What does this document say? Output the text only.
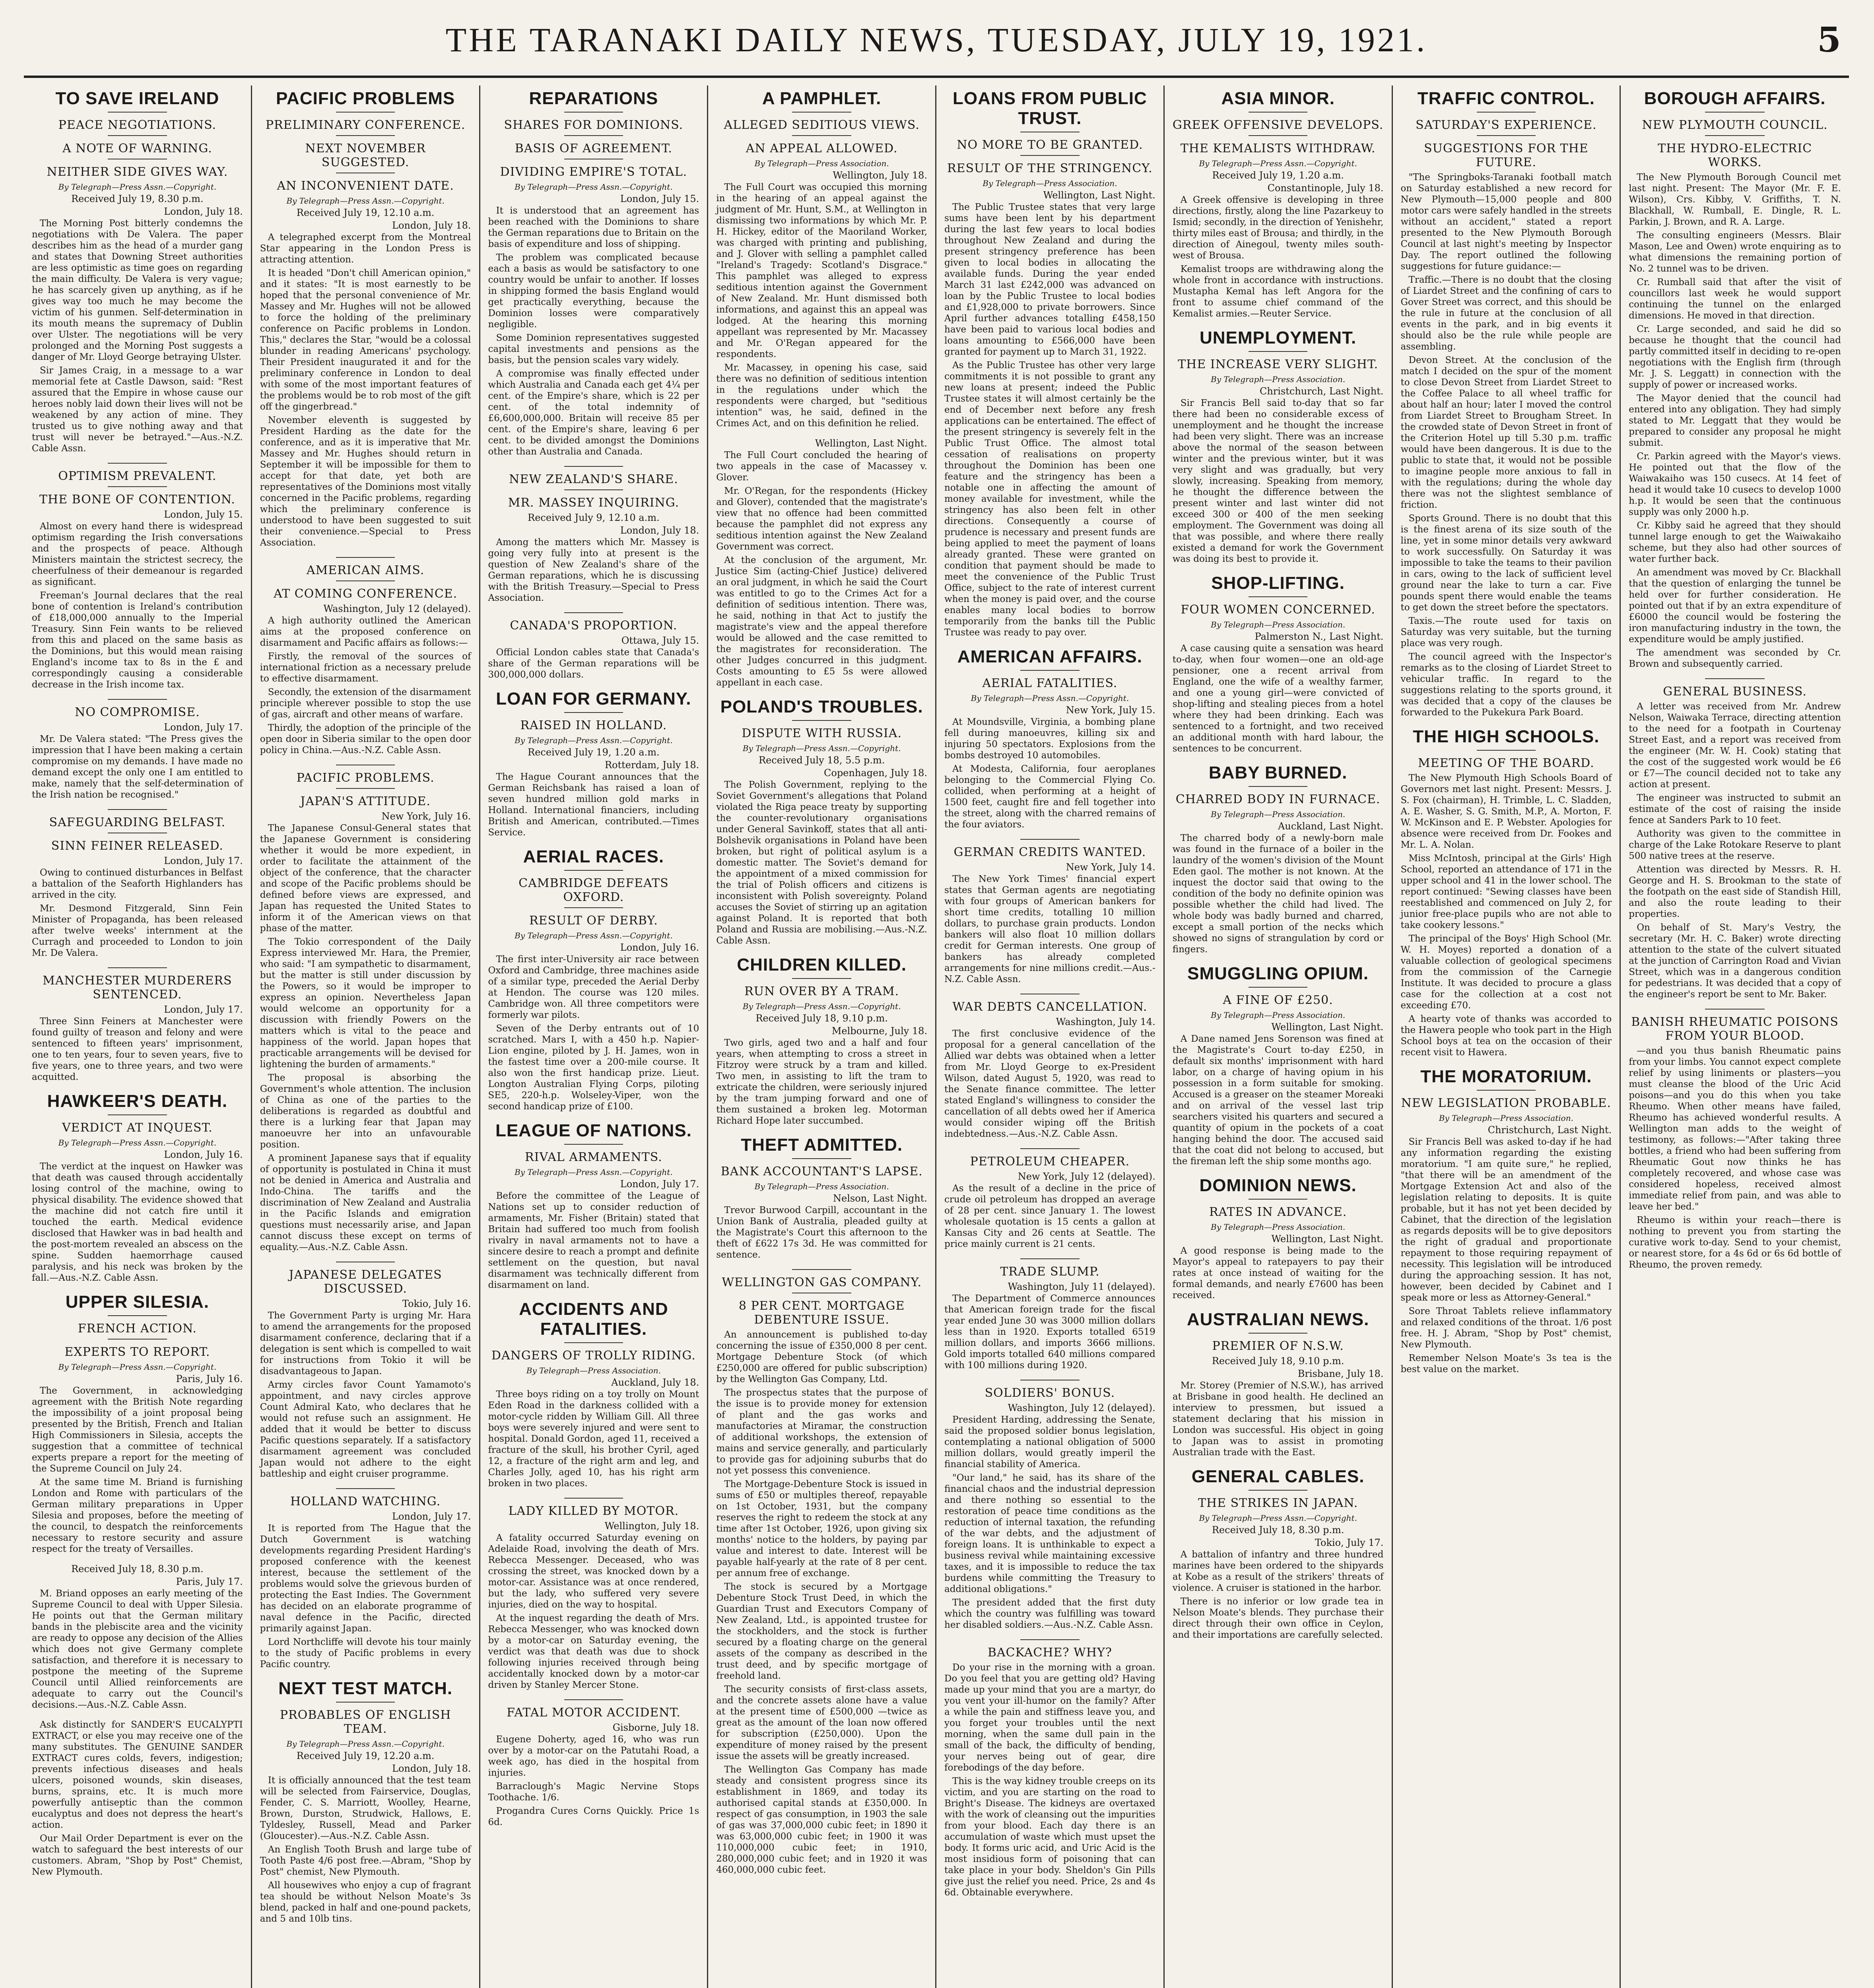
THE TARANAKI DAILY NEWS, TUESDAY, JULY 19, 1921.	5
TO SAVE IRELAND
PEACE NEGOTIATIONS.
A NOTE OF WARNING.
NEITHER SIDE GIVES WAY.
By Telegraph—Press Assn.—Copyright.
Received July 19, 8.30 p.m.
London, July 18.

The Morning Post bitterly condemns the negotiations with De Valera. The paper describes him as the head of a murder gang and states that Downing Street authorities are less optimistic as time goes on regarding the main difficulty. De Valera is very vague; he has scarcely given up anything, as if he gives way too much he may become the victim of his gunmen. Self-determination in its mouth means the supremacy of Dublin over Ulster. The negotiations will be very prolonged and the Morning Post suggests a danger of Mr. Lloyd George betraying Ulster.

Sir James Craig, in a message to a war memorial fete at Castle Dawson, said: "Rest assured that the Empire in whose cause our heroes nobly laid down their lives will not be weakened by any action of mine. They trusted us to give nothing away and that trust will never be betrayed."—Aus.-N.Z. Cable Assn.

OPTIMISM PREVALENT.
THE BONE OF CONTENTION.
London, July 15.

Almost on every hand there is widespread optimism regarding the Irish conversations and the prospects of peace. Although Ministers maintain the strictest secrecy, the cheerfulness of their demeanour is regarded as significant.

Freeman's Journal declares that the real bone of contention is Ireland's contribution of £18,000,000 annually to the Imperial Treasury. Sinn Fein wants to be relieved from this and placed on the same basis as the Dominions, but this would mean raising England's income tax to 8s in the £ and correspondingly causing a considerable decrease in the Irish income tax.

NO COMPROMISE.
London, July 17.

Mr. De Valera stated: "The Press gives the impression that I have been making a certain compromise on my demands. I have made no demand except the only one I am entitled to make, namely that the self-determination of the Irish nation be recognised."

SAFEGUARDING BELFAST.
SINN FEINER RELEASED.
London, July 17.

Owing to continued disturbances in Belfast a battalion of the Seaforth Highlanders has arrived in the city.

Mr. Desmond Fitzgerald, Sinn Fein Minister of Propaganda, has been released after twelve weeks' internment at the Curragh and proceeded to London to join Mr. De Valera.

MANCHESTER MURDERERS SENTENCED.
London, July 17.

Three Sinn Feiners at Manchester were found guilty of treason and felony and were sentenced to fifteen years' imprisonment, one to ten years, four to seven years, five to five years, one to three years, and two were acquitted.

HAWKEER'S DEATH.
VERDICT AT INQUEST.
By Telegraph—Press Assn.—Copyright.
London, July 16.

The verdict at the inquest on Hawker was that death was caused through accidentally losing control of the machine, owing to physical disability. The evidence showed that the machine did not catch fire until it touched the earth. Medical evidence disclosed that Hawker was in bad health and the post-mortem revealed an abscess on the spine. Sudden haemorrhage caused paralysis, and his neck was broken by the fall.—Aus.-N.Z. Cable Assn.

UPPER SILESIA.
FRENCH ACTION.
EXPERTS TO REPORT.
By Telegraph—Press Assn.—Copyright.
Paris, July 16.

The Government, in acknowledging agreement with the British Note regarding the impossibility of a joint proposal being presented by the British, French and Italian High Commissioners in Silesia, accepts the suggestion that a committee of technical experts prepare a report for the meeting of the Supreme Council on July 24.

At the same time M. Briand is furnishing London and Rome with particulars of the German military preparations in Upper Silesia and proposes, before the meeting of the council, to despatch the reinforcements necessary to restore security and assure respect for the treaty of Versailles.

Received July 18, 8.30 p.m.
Paris, July 17.

M. Briand opposes an early meeting of the Supreme Council to deal with Upper Silesia. He points out that the German military bands in the plebiscite area and the vicinity are ready to oppose any decision of the Allies which does not give Germany complete satisfaction, and therefore it is necessary to postpone the meeting of the Supreme Council until Allied reinforcements are adequate to carry out the Council's decisions.—Aus.-N.Z. Cable Assn.

Ask distinctly for SANDER'S EUCALYPTI EXTRACT, or else you may receive one of the many substitutes. The GENUINE SANDER EXTRACT cures colds, fevers, indigestion; prevents infectious diseases and heals ulcers, poisoned wounds, skin diseases, burns, sprains, etc. It is much more powerfully antiseptic than the common eucalyptus and does not depress the heart's action.

Our Mail Order Department is ever on the watch to safeguard the best interests of our customers. Abram, "Shop by Post" Chemist, New Plymouth.

PACIFIC PROBLEMS
PRELIMINARY CONFERENCE.
NEXT NOVEMBER SUGGESTED.
AN INCONVENIENT DATE.
By Telegraph—Press Assn.—Copyright.
Received July 19, 12.10 a.m.
London, July 18.

A telegraphed excerpt from the Montreal Star appearing in the London Press is attracting attention.

It is headed "Don't chill American opinion," and it states: "It is most earnestly to be hoped that the personal convenience of Mr. Massey and Mr. Hughes will not be allowed to force the holding of the preliminary conference on Pacific problems in London. This," declares the Star, "would be a colossal blunder in reading Americans' psychology. Their President inaugurated it and for the preliminary conference in London to deal with some of the most important features of the problems would be to rob most of the gift off the gingerbread."

November eleventh is suggested by President Harding as the date for the conference, and as it is imperative that Mr. Massey and Mr. Hughes should return in September it will be impossible for them to accept for that date, yet both are representatives of the Dominions most vitally concerned in the Pacific problems, regarding which the preliminary conference is understood to have been suggested to suit their convenience.—Special to Press Association.

AMERICAN AIMS.
AT COMING CONFERENCE.
Washington, July 12 (delayed).

A high authority outlined the American aims at the proposed conference on disarmament and Pacific affairs as follows:—

Firstly, the removal of the sources of international friction as a necessary prelude to effective disarmament.

Secondly, the extension of the disarmament principle wherever possible to stop the use of gas, aircraft and other means of warfare.

Thirdly, the adoption of the principle of the open door in Siberia similar to the open door policy in China.—Aus.-N.Z. Cable Assn.

PACIFIC PROBLEMS.
JAPAN'S ATTITUDE.
New York, July 16.

The Japanese Consul-General states that the Japanese Government is considering whether it would be more expedient, in order to facilitate the attainment of the object of the conference, that the character and scope of the Pacific problems should be defined before views are expressed, and Japan has requested the United States to inform it of the American views on that phase of the matter.

The Tokio correspondent of the Daily Express interviewed Mr. Hara, the Premier, who said: "I am sympathetic to disarmament, but the matter is still under discussion by the Powers, so it would be improper to express an opinion. Nevertheless Japan would welcome an opportunity for a discussion with friendly Powers on the matters which is vital to the peace and happiness of the world. Japan hopes that practicable arrangements will be devised for lightening the burden of armaments."

The proposal is absorbing the Government's whole attention. The inclusion of China as one of the parties to the deliberations is regarded as doubtful and there is a lurking fear that Japan may manoeuvre her into an unfavourable position.

A prominent Japanese says that if equality of opportunity is postulated in China it must not be denied in America and Australia and Indo-China. The tariffs and the discrimination of New Zealand and Australia in the Pacific Islands and emigration questions must necessarily arise, and Japan cannot discuss these except on terms of equality.—Aus.-N.Z. Cable Assn.

JAPANESE DELEGATES DISCUSSED.
Tokio, July 16.

The Government Party is urging Mr. Hara to amend the arrangements for the proposed disarmament conference, declaring that if a delegation is sent which is compelled to wait for instructions from Tokio it will be disadvantageous to Japan.

Army circles favor Count Yamamoto's appointment, and navy circles approve Count Admiral Kato, who declares that he would not refuse such an assignment. He added that it would be better to discuss Pacific questions separately. If a satisfactory disarmament agreement was concluded Japan would not adhere to the eight battleship and eight cruiser programme.

HOLLAND WATCHING.
London, July 17.

It is reported from The Hague that the Dutch Government is watching developments regarding President Harding's proposed conference with the keenest interest, because the settlement of the problems would solve the grievous burden of protecting the East Indies. The Government has decided on an elaborate programme of naval defence in the Pacific, directed primarily against Japan.

Lord Northcliffe will devote his tour mainly to the study of Pacific problems in every Pacific country.

NEXT TEST MATCH.
PROBABLES OF ENGLISH TEAM.
By Telegraph—Press Assn.—Copyright.
Received July 19, 12.20 a.m.
London, July 18.

It is officially announced that the test team will be selected from Fairservice, Douglas, Fender, C. S. Marriott, Woolley, Hearne, Brown, Durston, Strudwick, Hallows, E. Tyldesley, Russell, Mead and Parker (Gloucester).—Aus.-N.Z. Cable Assn.

An English Tooth Brush and large tube of Tooth Paste 4/6 post free.—Abram, "Shop by Post" chemist, New Plymouth.

All housewives who enjoy a cup of fragrant tea should be without Nelson Moate's 3s blend, packed in half and one-pound packets, and 5 and 10lb tins.

REPARATIONS
SHARES FOR DOMINIONS.
BASIS OF AGREEMENT.
DIVIDING EMPIRE'S TOTAL.
By Telegraph—Press Assn.—Copyright.
London, July 15.

It is understood that an agreement has been reached with the Dominions to share the German reparations due to Britain on the basis of expenditure and loss of shipping.

The problem was complicated because each a basis as would be satisfactory to one country would be unfair to another. If losses in shipping formed the basis England would get practically everything, because the Dominion losses were comparatively negligible.

Some Dominion representatives suggested capital investments and pensions as the basis, but the pension scales vary widely.

A compromise was finally effected under which Australia and Canada each get 4¼ per cent. of the Empire's share, which is 22 per cent. of the total indemnity of £6,600,000,000. Britain will receive 85 per cent. of the Empire's share, leaving 6 per cent. to be divided amongst the Dominions other than Australia and Canada.

NEW ZEALAND'S SHARE.
MR. MASSEY INQUIRING.
Received July 9, 12.10 a.m.
London, July 18.

Among the matters which Mr. Massey is going very fully into at present is the question of New Zealand's share of the German reparations, which he is discussing with the British Treasury.—Special to Press Association.

CANADA'S PROPORTION.
Ottawa, July 15.

Official London cables state that Canada's share of the German reparations will be 300,000,000 dollars.

LOAN FOR GERMANY.
RAISED IN HOLLAND.
By Telegraph—Press Assn.—Copyright.
Received July 19, 1.20 a.m.
Rotterdam, July 18.

The Hague Courant announces that the German Reichsbank has raised a loan of seven hundred million gold marks in Holland. International financiers, including British and American, contributed.—Times Service.

AERIAL RACES.
CAMBRIDGE DEFEATS OXFORD.
RESULT OF DERBY.
By Telegraph—Press Assn.—Copyright.
London, July 16.

The first inter-University air race between Oxford and Cambridge, three machines aside of a similar type, preceded the Aerial Derby at Hendon. The course was 120 miles. Cambridge won. All three competitors were formerly war pilots.

Seven of the Derby entrants out of 10 scratched. Mars I, with a 450 h.p. Napier-Lion engine, piloted by J. H. James, won in the fastest time over a 200-mile course. It also won the first handicap prize. Lieut. Longton Australian Flying Corps, piloting SE5, 220-h.p. Wolseley-Viper, won the second handicap prize of £100.

LEAGUE OF NATIONS.
RIVAL ARMAMENTS.
By Telegraph—Press Assn.—Copyright.
London, July 17.

Before the committee of the League of Nations set up to consider reduction of armaments, Mr. Fisher (Britain) stated that Britain had suffered too much from foolish rivalry in naval armaments not to have a sincere desire to reach a prompt and definite settlement on the question, but naval disarmament was technically different from disarmament on land.

ACCIDENTS AND FATALITIES.
DANGERS OF TROLLY RIDING.
By Telegraph—Press Association.
Auckland, July 18.

Three boys riding on a toy trolly on Mount Eden Road in the darkness collided with a motor-cycle ridden by William Gill. All three boys were severely injured and were sent to hospital. Donald Gordon, aged 11, received a fracture of the skull, his brother Cyril, aged 12, a fracture of the right arm and leg, and Charles Jolly, aged 10, has his right arm broken in two places.

LADY KILLED BY MOTOR.
Wellington, July 18.

A fatality occurred Saturday evening on Adelaide Road, involving the death of Mrs. Rebecca Messenger. Deceased, who was crossing the street, was knocked down by a motor-car. Assistance was at once rendered, but the lady, who suffered very severe injuries, died on the way to hospital.

At the inquest regarding the death of Mrs. Rebecca Messenger, who was knocked down by a motor-car on Saturday evening, the verdict was that death was due to shock following injuries received through being accidentally knocked down by a motor-car driven by Stanley Mercer Stone.

FATAL MOTOR ACCIDENT.
Gisborne, July 18.

Eugene Doherty, aged 16, who was run over by a motor-car on the Patutahi Road, a week ago, has died in the hospital from injuries.

Barraclough's Magic Nervine Stops Toothache. 1/6.

Progandra Cures Corns Quickly. Price 1s 6d.

A PAMPHLET.
ALLEGED SEDITIOUS VIEWS.
AN APPEAL ALLOWED.
By Telegraph—Press Association.
Wellington, July 18.

The Full Court was occupied this morning in the hearing of an appeal against the judgment of Mr. Hunt, S.M., at Wellington in dismissing two informations by which Mr. P. H. Hickey, editor of the Maoriland Worker, was charged with printing and publishing, and J. Glover with selling a pamphlet called "Ireland's Tragedy: Scotland's Disgrace." This pamphlet was alleged to express seditious intention against the Government of New Zealand. Mr. Hunt dismissed both informations, and against this an appeal was lodged. At the hearing this morning appellant was represented by Mr. Macassey and Mr. O'Regan appeared for the respondents.

Mr. Macassey, in opening his case, said there was no definition of seditious intention in the regulations under which the respondents were charged, but "seditious intention" was, he said, defined in the Crimes Act, and on this definition he relied.

Wellington, Last Night.

The Full Court concluded the hearing of two appeals in the case of Macassey v. Glover.

Mr. O'Regan, for the respondents (Hickey and Glover), contended that the magistrate's view that no offence had been committed because the pamphlet did not express any seditious intention against the New Zealand Government was correct.

At the conclusion of the argument, Mr. Justice Sim (acting-Chief Justice) delivered an oral judgment, in which he said the Court was entitled to go to the Crimes Act for a definition of seditious intention. There was, he said, nothing in that Act to justify the magistrate's view and the appeal therefore would be allowed and the case remitted to the magistrates for reconsideration. The other Judges concurred in this judgment. Costs amounting to £5 5s were allowed appellant in each case.

POLAND'S TROUBLES.
DISPUTE WITH RUSSIA.
By Telegraph—Press Assn.—Copyright.
Received July 18, 5.5 p.m.
Copenhagen, July 18.

The Polish Government, replying to the Soviet Government's allegations that Poland violated the Riga peace treaty by supporting the counter-revolutionary organisations under General Savinkoff, states that all anti-Bolshevik organisations in Poland have been broken, but right of political asylum is a domestic matter. The Soviet's demand for the appointment of a mixed commission for the trial of Polish officers and citizens is inconsistent with Polish sovereignty. Poland accuses the Soviet of stirring up an agitation against Poland. It is reported that both Poland and Russia are mobilising.—Aus.-N.Z. Cable Assn.

CHILDREN KILLED.
RUN OVER BY A TRAM.
By Telegraph—Press Assn.—Copyright.
Received July 18, 9.10 p.m.
Melbourne, July 18.

Two girls, aged two and a half and four years, when attempting to cross a street in Fitzroy were struck by a tram and killed. Two men, in assisting to lift the tram to extricate the children, were seriously injured by the tram jumping forward and one of them sustained a broken leg. Motorman Richard Hope later succumbed.

THEFT ADMITTED.
BANK ACCOUNTANT'S LAPSE.
By Telegraph—Press Association.
Nelson, Last Night.

Trevor Burwood Carpill, accountant in the Union Bank of Australia, pleaded guilty at the Magistrate's Court this afternoon to the theft of £622 17s 3d. He was committed for sentence.

WELLINGTON GAS COMPANY.
8 PER CENT. MORTGAGE DEBENTURE ISSUE.

An announcement is published to-day concerning the issue of £350,000 8 per cent. Mortgage Debenture Stock (of which £250,000 are offered for public subscription) by the Wellington Gas Company, Ltd.

The prospectus states that the purpose of the issue is to provide money for extension of plant and the gas works and manufactories at Miramar, the construction of additional workshops, the extension of mains and service generally, and particularly to provide gas for adjoining suburbs that do not yet possess this convenience.

The Mortgage-Debenture Stock is issued in sums of £50 or multiples thereof, repayable on 1st October, 1931, but the company reserves the right to redeem the stock at any time after 1st October, 1926, upon giving six months' notice to the holders, by paying par value and interest to date. Interest will be payable half-yearly at the rate of 8 per cent. per annum free of exchange.

The stock is secured by a Mortgage Debenture Stock Trust Deed, in which the Guardian Trust and Executors Company of New Zealand, Ltd., is appointed trustee for the stockholders, and the stock is further secured by a floating charge on the general assets of the company as described in the trust deed, and by specific mortgage of freehold land.

The security consists of first-class assets, and the concrete assets alone have a value at the present time of £500,000 —twice as great as the amount of the loan now offered for subscription (£250,000). Upon the expenditure of money raised by the present issue the assets will be greatly increased.

The Wellington Gas Company has made steady and consistent progress since its establishment in 1869, and today its authorised capital stands at £350,000. In respect of gas consumption, in 1903 the sale of gas was 37,000,000 cubic feet; in 1890 it was 63,000,000 cubic feet; in 1900 it was 110,000,000 cubic feet; in 1910, 280,000,000 cubic feet; and in 1920 it was 460,000,000 cubic feet.

LOANS FROM PUBLIC TRUST.
NO MORE TO BE GRANTED.
RESULT OF THE STRINGENCY.
By Telegraph—Press Association.
Wellington, Last Night.

The Public Trustee states that very large sums have been lent by his department during the last few years to local bodies throughout New Zealand and during the present stringency preference has been given to local bodies in allocating the available funds. During the year ended March 31 last £242,000 was advanced on loan by the Public Trustee to local bodies and £1,928,000 to private borrowers. Since April further advances totalling £458,150 have been paid to various local bodies and loans amounting to £566,000 have been granted for payment up to March 31, 1922.

As the Public Trustee has other very large commitments it is not possible to grant any new loans at present; indeed the Public Trustee states it will almost certainly be the end of December next before any fresh applications can be entertained. The effect of the present stringency is severely felt in the Public Trust Office. The almost total cessation of realisations on property throughout the Dominion has been one feature and the stringency has been a notable one in affecting the amount of money available for investment, while the stringency has also been felt in other directions. Consequently a course of prudence is necessary and present funds are being applied to meet the payment of loans already granted. These were granted on condition that payment should be made to meet the convenience of the Public Trust Office, subject to the rate of interest current when the money is paid over, and the course enables many local bodies to borrow temporarily from the banks till the Public Trustee was ready to pay over.

AMERICAN AFFAIRS.
AERIAL FATALITIES.
By Telegraph—Press Assn.—Copyright.
New York, July 15.

At Moundsville, Virginia, a bombing plane fell during manoeuvres, killing six and injuring 50 spectators. Explosions from the bombs destroyed 10 automobiles.

At Modesta, California, four aeroplanes belonging to the Commercial Flying Co. collided, when performing at a height of 1500 feet, caught fire and fell together into the street, along with the charred remains of the four aviators.

GERMAN CREDITS WANTED.
New York, July 14.

The New York Times' financial expert states that German agents are negotiating with four groups of American bankers for short time credits, totalling 10 million dollars, to purchase grain products. London bankers will also float 10 million dollars credit for German interests. One group of bankers has already completed arrangements for nine millions credit.—Aus.-N.Z. Cable Assn.

WAR DEBTS CANCELLATION.
Washington, July 14.

The first conclusive evidence of the proposal for a general cancellation of the Allied war debts was obtained when a letter from Mr. Lloyd George to ex-President Wilson, dated August 5, 1920, was read to the Senate finance committee. The letter stated England's willingness to consider the cancellation of all debts owed her if America would consider wiping off the British indebtedness.—Aus.-N.Z. Cable Assn.

PETROLEUM CHEAPER.
New York, July 12 (delayed).

As the result of a decline in the price of crude oil petroleum has dropped an average of 28 per cent. since January 1. The lowest wholesale quotation is 15 cents a gallon at Kansas City and 26 cents at Seattle. The price mainly current is 21 cents.

TRADE SLUMP.
Washington, July 11 (delayed).

The Department of Commerce announces that American foreign trade for the fiscal year ended June 30 was 3000 million dollars less than in 1920. Exports totalled 6519 million dollars, and imports 3666 millions. Gold imports totalled 640 millions compared with 100 millions during 1920.

SOLDIERS' BONUS.
Washington, July 12 (delayed).

President Harding, addressing the Senate, said the proposed soldier bonus legislation, contemplating a national obligation of 5000 million dollars, would greatly imperil the financial stability of America.

"Our land," he said, has its share of the financial chaos and the industrial depression and there nothing so essential to the restoration of peace time conditions as the reduction of internal taxation, the refunding of the war debts, and the adjustment of foreign loans. It is unthinkable to expect a business revival while maintaining excessive taxes, and it is impossible to reduce the tax burdens while committing the Treasury to additional obligations."

The president added that the first duty which the country was fulfilling was toward her disabled soldiers.—Aus.-N.Z. Cable Assn.

BACKACHE? WHY?

Do your rise in the morning with a groan. Do you feel that you are getting old? Having made up your mind that you are a martyr, do you vent your ill-humor on the family? After a while the pain and stiffness leave you, and you forget your troubles until the next morning, when the same dull pain in the small of the back, the difficulty of bending, your nerves being out of gear, dire forebodings of the day before.

This is the way kidney trouble creeps on its victim, and you are starting on the road to Bright's Disease. The kidneys are overtaxed with the work of cleansing out the impurities from your blood. Each day there is an accumulation of waste which must upset the body. It forms uric acid, and Uric Acid is the most insidious form of poisoning that can take place in your body. Sheldon's Gin Pills give just the relief you need. Price, 2s and 4s 6d. Obtainable everywhere.

ASIA MINOR.
GREEK OFFENSIVE DEVELOPS.
THE KEMALISTS WITHDRAW.
By Telegraph—Press Assn.—Copyright.
Received July 19, 1.20 a.m.
Constantinople, July 18.

A Greek offensive is developing in three directions, firstly, along the line Pazarkeuy to Ismid; secondly, in the direction of Yenishehr, thirty miles east of Brousa; and thirdly, in the direction of Ainegoul, twenty miles south-west of Brousa.

Kemalist troops are withdrawing along the whole front in accordance with instructions. Mustapha Kemal has left Angora for the front to assume chief command of the Kemalist armies.—Reuter Service.

UNEMPLOYMENT.
THE INCREASE VERY SLIGHT.
By Telegraph—Press Association.
Christchurch, Last Night.

Sir Francis Bell said to-day that so far there had been no considerable excess of unemployment and he thought the increase had been very slight. There was an increase above the normal of the season between winter and the previous winter, but it was very slight and was gradually, but very slowly, increasing. Speaking from memory, he thought the difference between the present winter and last winter did not exceed 300 or 400 of the men seeking employment. The Government was doing all that was possible, and where there really existed a demand for work the Government was doing its best to provide it.

SHOP-LIFTING.
FOUR WOMEN CONCERNED.
By Telegraph—Press Association.
Palmerston N., Last Night.

A case causing quite a sensation was heard to-day, when four women—one an old-age pensioner, one a recent arrival from England, one the wife of a wealthy farmer, and one a young girl—were convicted of shop-lifting and stealing pieces from a hotel where they had been drinking. Each was sentenced to a fortnight, and two received an additional month with hard labour, the sentences to be concurrent.

BABY BURNED.
CHARRED BODY IN FURNACE.
By Telegraph—Press Association.
Auckland, Last Night.

The charred body of a newly-born male was found in the furnace of a boiler in the laundry of the women's division of the Mount Eden gaol. The mother is not known. At the inquest the doctor said that owing to the condition of the body no definite opinion was possible whether the child had lived. The whole body was badly burned and charred, except a small portion of the necks which showed no signs of strangulation by cord or fingers.

SMUGGLING OPIUM.
A FINE OF £250.
By Telegraph—Press Association.
Wellington, Last Night.

A Dane named Jens Sorenson was fined at the Magistrate's Court to-day £250, in default six months' imprisonment with hard labor, on a charge of having opium in his possession in a form suitable for smoking. Accused is a greaser on the steamer Moreaki and on arrival of the vessel last trip searchers visited his quarters and secured a quantity of opium in the pockets of a coat hanging behind the door. The accused said that the coat did not belong to accused, but the fireman left the ship some months ago.

DOMINION NEWS.
RATES IN ADVANCE.
By Telegraph—Press Association.
Wellington, Last Night.

A good response is being made to the Mayor's appeal to ratepayers to pay their rates at once instead of waiting for the formal demands, and nearly £7600 has been received.

AUSTRALIAN NEWS.
PREMIER OF N.S.W.
Received July 18, 9.10 p.m.
Brisbane, July 18.

Mr. Storey (Premier of N.S.W.), has arrived at Brisbane in good health. He declined an interview to pressmen, but issued a statement declaring that his mission in London was successful. His object in going to Japan was to assist in promoting Australian trade with the East.

GENERAL CABLES.
THE STRIKES IN JAPAN.
By Telegraph—Press Assn.—Copyright.
Received July 18, 8.30 p.m.
Tokio, July 17.

A battalion of infantry and three hundred marines have been ordered to the shipyards at Kobe as a result of the strikers' threats of violence. A cruiser is stationed in the harbor.

There is no inferior or low grade tea in Nelson Moate's blends. They purchase their direct through their own office in Ceylon, and their importations are carefully selected.

TRAFFIC CONTROL.
SATURDAY'S EXPERIENCE.
SUGGESTIONS FOR THE FUTURE.

"The Springboks-Taranaki football match on Saturday established a new record for New Plymouth—15,000 people and 800 motor cars were safely handled in the streets without an accident," stated a report presented to the New Plymouth Borough Council at last night's meeting by Inspector Day. The report outlined the following suggestions for future guidance:—

Traffic.—There is no doubt that the closing of Liardet Street and the confining of cars to Gover Street was correct, and this should be the rule in future at the conclusion of all events in the park, and in big events it should also be the rule while people are assembling.

Devon Street. At the conclusion of the match I decided on the spur of the moment to close Devon Street from Liardet Street to the Coffee Palace to all wheel traffic for about half an hour; later I moved the control from Liardet Street to Brougham Street. In the crowded state of Devon Street in front of the Criterion Hotel up till 5.30 p.m. traffic would have been dangerous. It is due to the public to state that, it would not be possible to imagine people more anxious to fall in with the regulations; during the whole day there was not the slightest semblance of friction.

Sports Ground. There is no doubt that this is the finest arena of its size south of the line, yet in some minor details very awkward to work successfully. On Saturday it was impossible to take the teams to their pavilion in cars, owing to the lack of sufficient level ground near the lake to turn a car. Five pounds spent there would enable the teams to get down the street before the spectators.

Taxis.—The route used for taxis on Saturday was very suitable, but the turning place was very rough.

The council agreed with the Inspector's remarks as to the closing of Liardet Street to vehicular traffic. In regard to the suggestions relating to the sports ground, it was decided that a copy of the clauses be forwarded to the Pukekura Park Board.

THE HIGH SCHOOLS.
MEETING OF THE BOARD.

The New Plymouth High Schools Board of Governors met last night. Present: Messrs. J. S. Fox (chairman), H. Trimble, L. C. Sladden, A. E. Washer, S. G. Smith, M.P., A. Morton, F. W. McKinson and E. P. Webster. Apologies for absence were received from Dr. Fookes and Mr. L. A. Nolan.

Miss McIntosh, principal at the Girls' High School, reported an attendance of 171 in the upper school and 41 in the lower school. The report continued: "Sewing classes have been reestablished and commenced on July 2, for junior free-place pupils who are not able to take cookery lessons."

The principal of the Boys' High School (Mr. W. H. Moyes) reported a donation of a valuable collection of geological specimens from the commission of the Carnegie Institute. It was decided to procure a glass case for the collection at a cost not exceeding £70.

A hearty vote of thanks was accorded to the Hawera people who took part in the High School boys at tea on the occasion of their recent visit to Hawera.

THE MORATORIUM.
NEW LEGISLATION PROBABLE.
By Telegraph—Press Association.
Christchurch, Last Night.

Sir Francis Bell was asked to-day if he had any information regarding the existing moratorium. "I am quite sure," he replied, "that there will be an amendment of the Mortgage Extension Act and also of the legislation relating to deposits. It is quite probable, but it has not yet been decided by Cabinet, that the direction of the legislation as regards deposits will be to give depositors the right of gradual and proportionate repayment to those requiring repayment of necessity. This legislation will be introduced during the approaching session. It has not, however, been decided by Cabinet and I speak more or less as Attorney-General."

Sore Throat Tablets relieve inflammatory and relaxed conditions of the throat. 1/6 post free. H. J. Abram, "Shop by Post" chemist, New Plymouth.

Remember Nelson Moate's 3s tea is the best value on the market.

BOROUGH AFFAIRS.
NEW PLYMOUTH COUNCIL.
THE HYDRO-ELECTRIC WORKS.

The New Plymouth Borough Council met last night. Present: The Mayor (Mr. F. E. Wilson), Crs. Kibby, V. Griffiths, T. N. Blackhall, W. Rumball, E. Dingle, R. L. Parkin, J. Brown, and R. A. Large.

The consulting engineers (Messrs. Blair Mason, Lee and Owen) wrote enquiring as to what dimensions the remaining portion of No. 2 tunnel was to be driven.

Cr. Rumball said that after the visit of councillors last week he would support continuing the tunnel on the enlarged dimensions. He moved in that direction.

Cr. Large seconded, and said he did so because he thought that the council had partly committed itself in deciding to re-open negotiations with the English firm (through Mr. J. S. Leggatt) in connection with the supply of power or increased works.

The Mayor denied that the council had entered into any obligation. They had simply stated to Mr. Leggatt that they would be prepared to consider any proposal he might submit.

Cr. Parkin agreed with the Mayor's views. He pointed out that the flow of the Waiwakaiho was 150 cusecs. At 14 feet of head it would take 10 cusecs to develop 1000 h.p. It would be seen that the continuous supply was only 2000 h.p.

Cr. Kibby said he agreed that they should tunnel large enough to get the Waiwakaiho scheme, but they also had other sources of water further back.

An amendment was moved by Cr. Blackhall that the question of enlarging the tunnel be held over for further consideration. He pointed out that if by an extra expenditure of £6000 the council would be fostering the iron manufacturing industry in the town, the expenditure would be amply justified.

The amendment was seconded by Cr. Brown and subsequently carried.

GENERAL BUSINESS.

A letter was received from Mr. Andrew Nelson, Waiwaka Terrace, directing attention to the need for a footpath in Courtenay Street East, and a report was received from the engineer (Mr. W. H. Cook) stating that the cost of the suggested work would be £6 or £7—The council decided not to take any action at present.

The engineer was instructed to submit an estimate of the cost of raising the inside fence at Sanders Park to 10 feet.

Authority was given to the committee in charge of the Lake Rotokare Reserve to plant 500 native trees at the reserve.

Attention was directed by Messrs. R. H. George and H. S. Brookman to the state of the footpath on the east side of Standish Hill, and also the route leading to their properties.

On behalf of St. Mary's Vestry, the secretary (Mr. H. C. Baker) wrote directing attention to the state of the culvert situated at the junction of Carrington Road and Vivian Street, which was in a dangerous condition for pedestrians. It was decided that a copy of the engineer's report be sent to Mr. Baker.

BANISH RHEUMATIC POISONS FROM YOUR BLOOD.

—and you thus banish Rheumatic pains from your limbs. You cannot expect complete relief by using liniments or plasters—you must cleanse the blood of the Uric Acid poisons—and you do this when you take Rheumo. When other means have failed, Rheumo has achieved wonderful results. A Wellington man adds to the weight of testimony, as follows:—"After taking three bottles, a friend who had been suffering from Rheumatic Gout now thinks he has completely recovered, and whose case was considered hopeless, received almost immediate relief from pain, and was able to leave her bed."

Rheumo is within your reach—there is nothing to prevent you from starting the curative work to-day. Send to your chemist, or nearest store, for a 4s 6d or 6s 6d bottle of Rheumo, the proven remedy.
